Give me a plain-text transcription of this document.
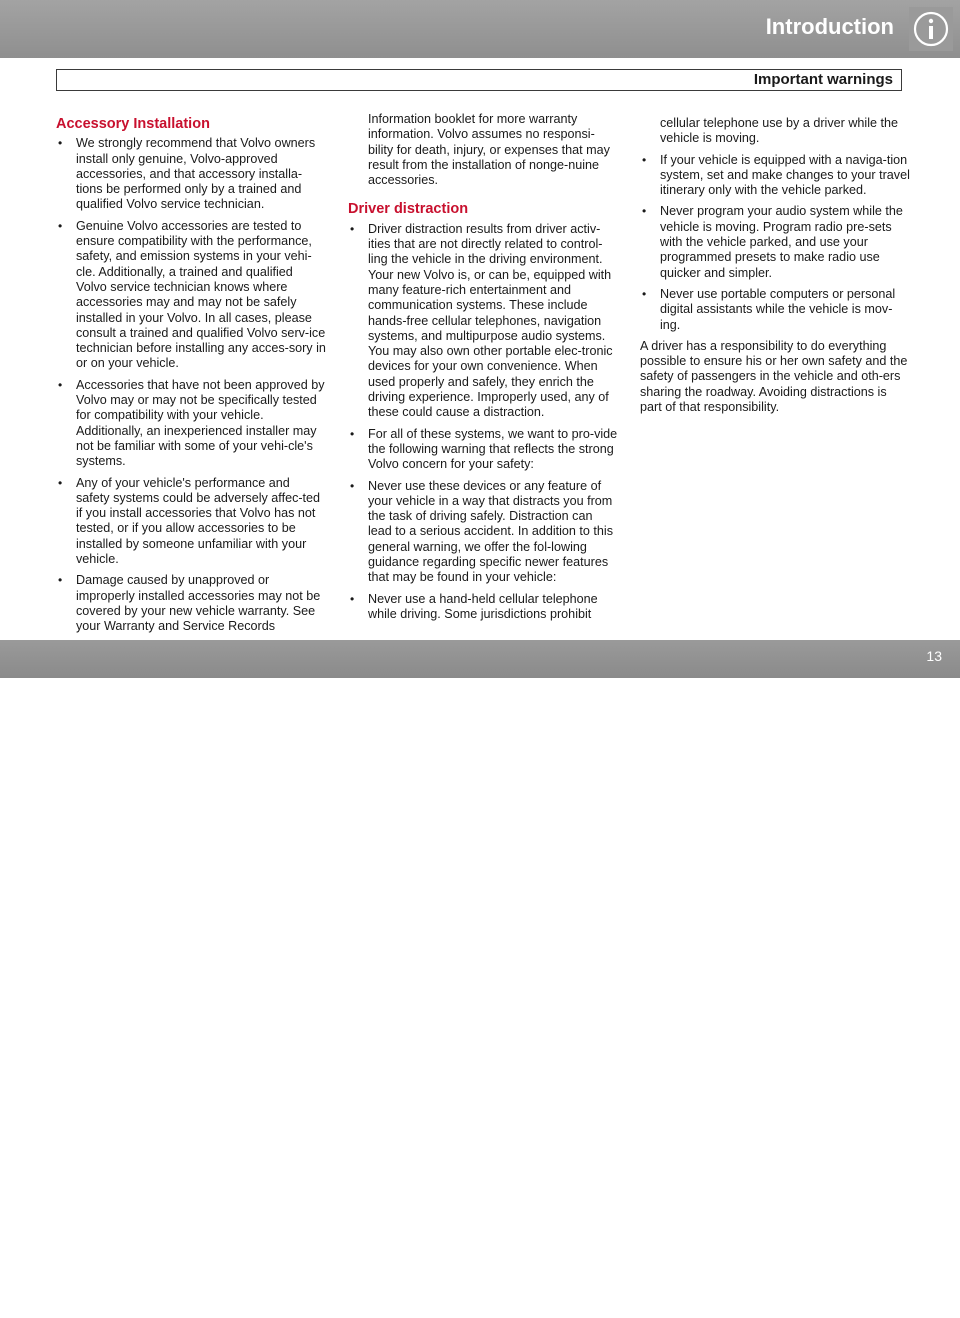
Introduction
Important warnings
Accessory Installation
• We strongly recommend that Volvo owners install only genuine, Volvo-approved accessories, and that accessory installa-tions be performed only by a trained and qualified Volvo service technician.
• Genuine Volvo accessories are tested to ensure compatibility with the performance, safety, and emission systems in your vehi-cle. Additionally, a trained and qualified Volvo service technician knows where accessories may and may not be safely installed in your Volvo. In all cases, please consult a trained and qualified Volvo serv-ice technician before installing any acces-sory in or on your vehicle.
• Accessories that have not been approved by Volvo may or may not be specifically tested for compatibility with your vehicle. Additionally, an inexperienced installer may not be familiar with some of your vehi-cle's systems.
• Any of your vehicle's performance and safety systems could be adversely affec-ted if you install accessories that Volvo has not tested, or if you allow accessories to be installed by someone unfamiliar with your vehicle.
• Damage caused by unapproved or improperly installed accessories may not be covered by your new vehicle warranty. See your Warranty and Service Records

Information booklet for more warranty information. Volvo assumes no responsi-bility for death, injury, or expenses that may result from the installation of nonge-nuine accessories.

Driver distraction
• Driver distraction results from driver activ-ities that are not directly related to control-ling the vehicle in the driving environment. Your new Volvo is, or can be, equipped with many feature-rich entertainment and communication systems. These include hands-free cellular telephones, navigation systems, and multipurpose audio systems. You may also own other portable elec-tronic devices for your own convenience. When used properly and safely, they enrich the driving experience. Improperly used, any of these could cause a distraction.
• For all of these systems, we want to pro-vide the following warning that reflects the strong Volvo concern for your safety:
• Never use these devices or any feature of your vehicle in a way that distracts you from the task of driving safely. Distraction can lead to a serious accident. In addition to this general warning, we offer the fol-lowing guidance regarding specific newer features that may be found in your vehicle:
• Never use a hand-held cellular telephone while driving. Some jurisdictions prohibit

cellular telephone use by a driver while the vehicle is moving.

• If your vehicle is equipped with a naviga-tion system, set and make changes to your travel itinerary only with the vehicle parked.
• Never program your audio system while the vehicle is moving. Program radio pre-sets with the vehicle parked, and use your programmed presets to make radio use quicker and simpler.
• Never use portable computers or personal digital assistants while the vehicle is mov-ing.

A driver has a responsibility to do everything possible to ensure his or her own safety and the safety of passengers in the vehicle and oth-ers sharing the roadway. Avoiding distractions is part of that responsibility.

carmanualsonline.info
13
